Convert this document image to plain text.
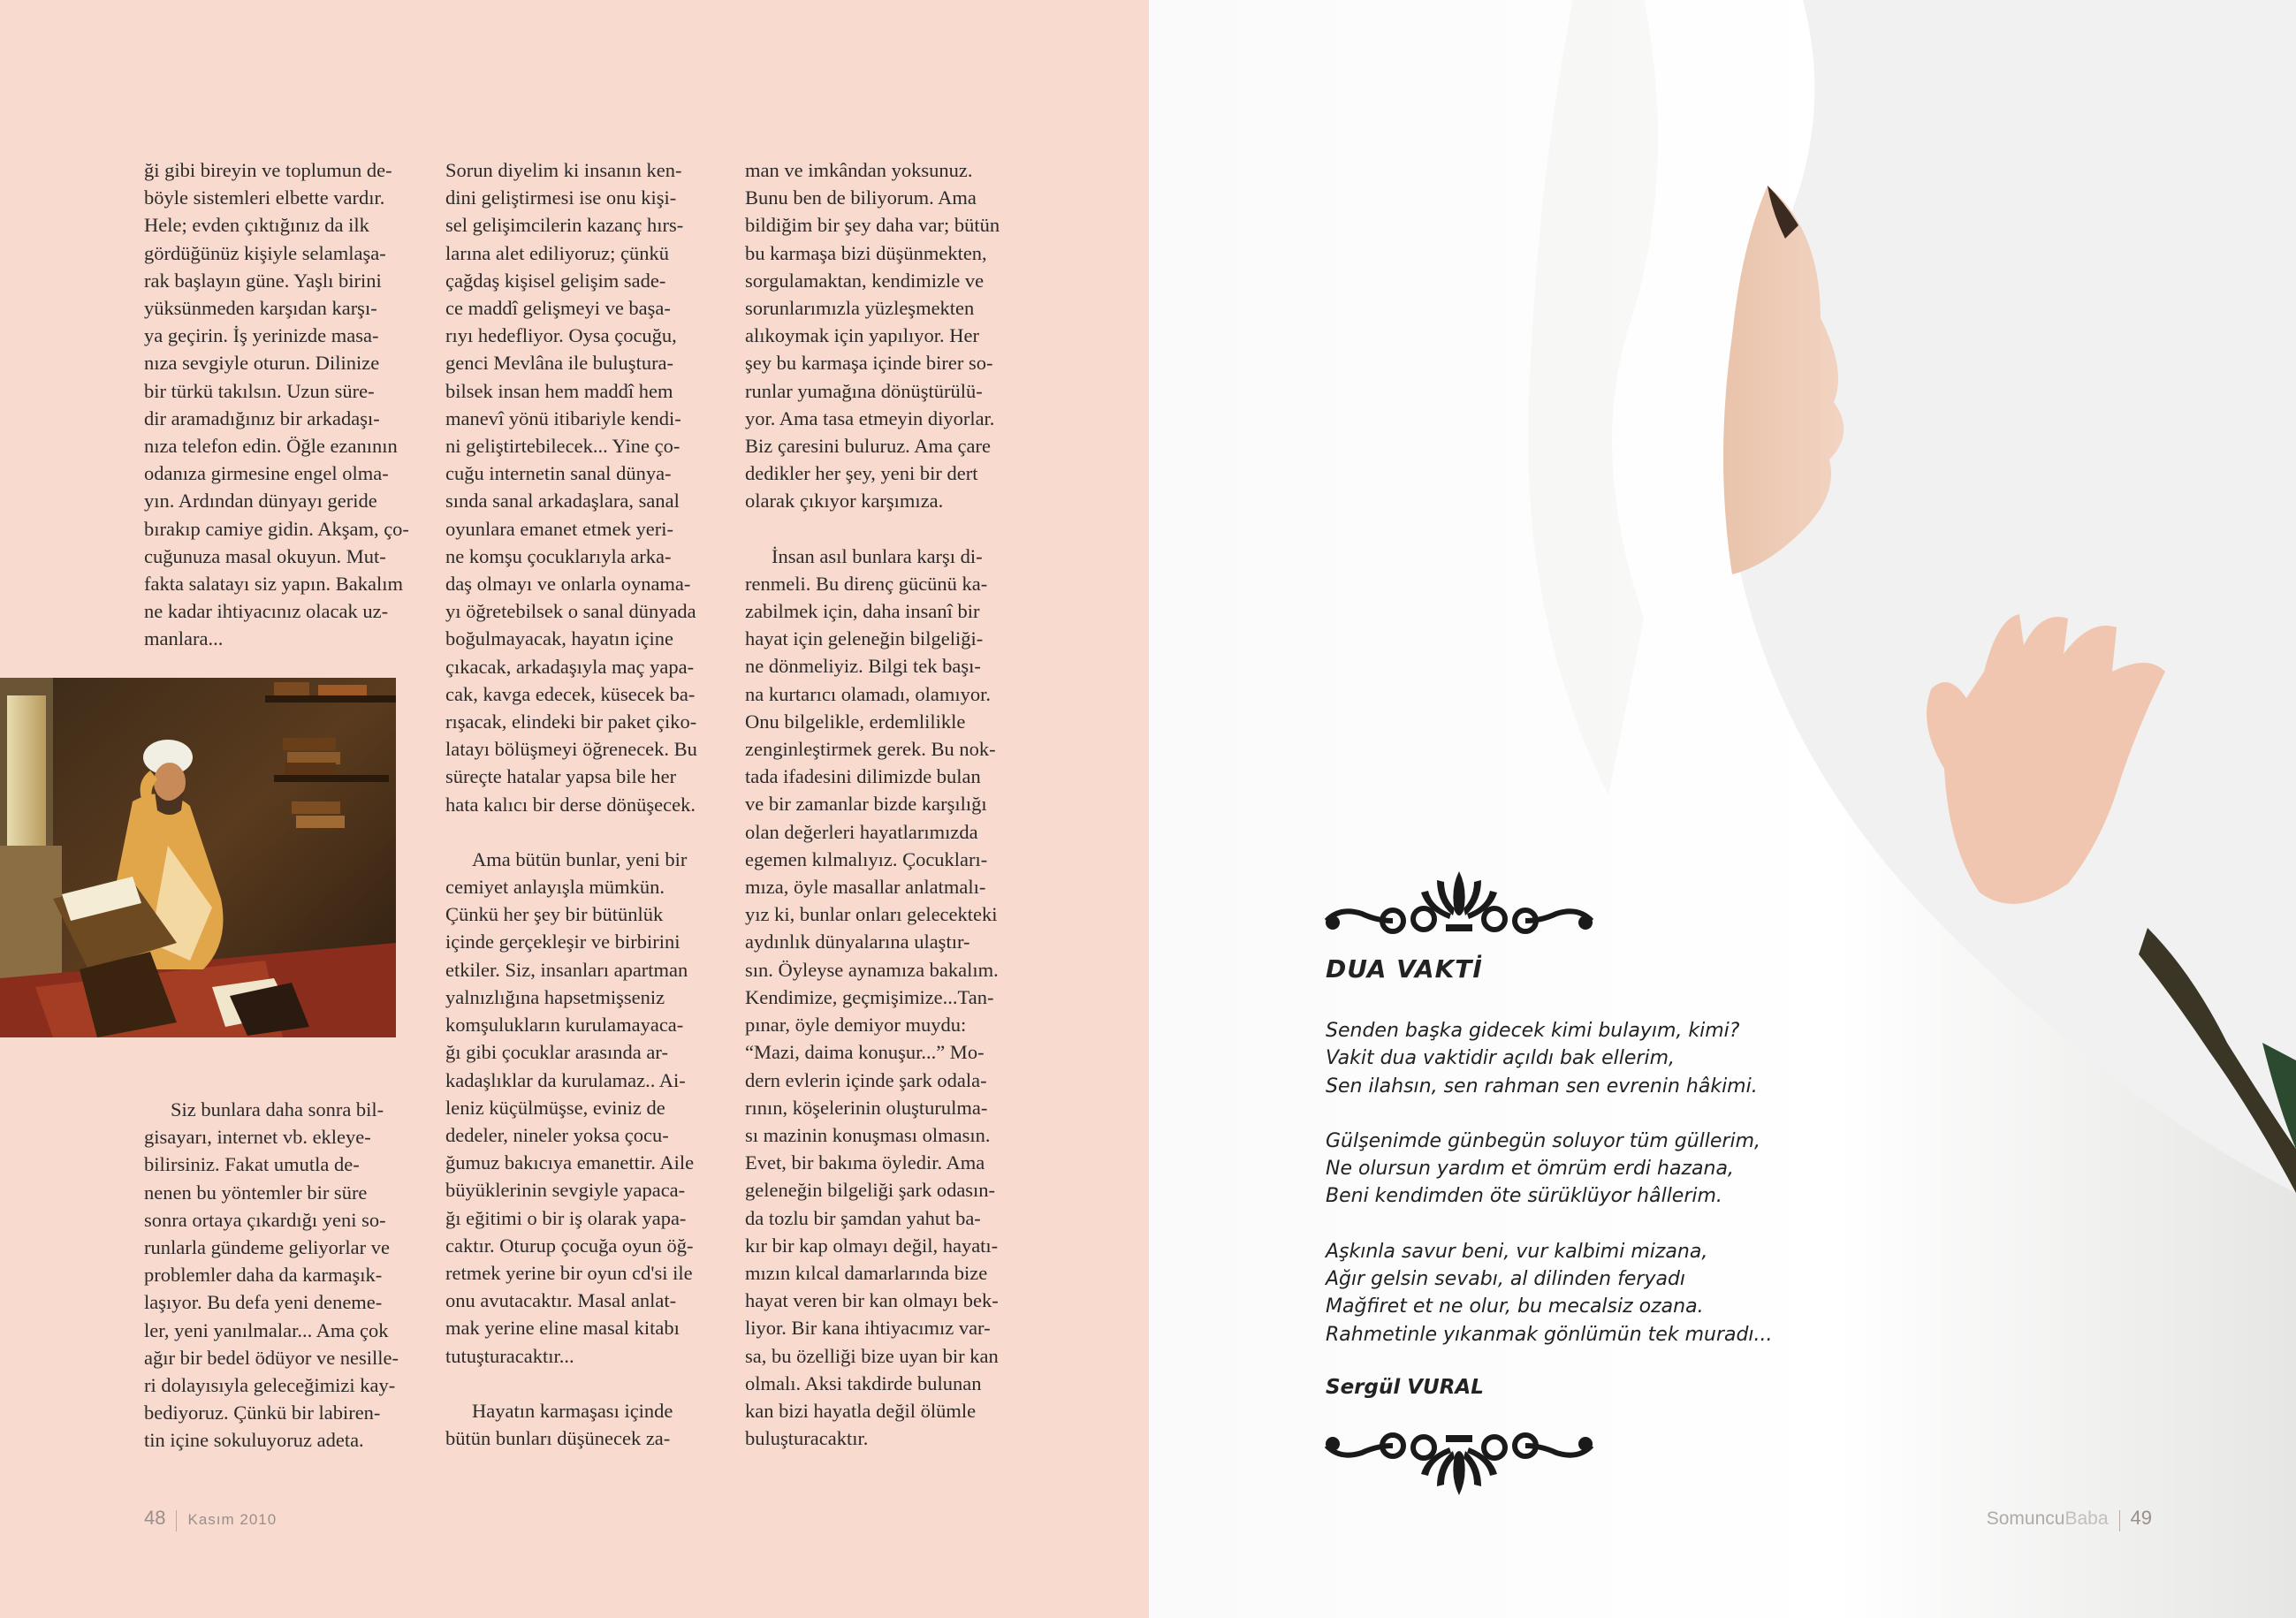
ği gibi bireyin ve toplumun de-
böyle sistemleri elbette vardır.
Hele; evden çıktığınız da ilk
gördüğünüz kişiyle selamlaşa-
rak başlayın güne. Yaşlı birini
yüksünmeden karşıdan karşı-
ya geçirin. İş yerinizde masa-
nıza sevgiyle oturun. Dilinize
bir türkü takılsın. Uzun süre-
dir aramadığınız bir arkadaşı-
nıza telefon edin. Öğle ezanının
odanıza girmesine engel olma-
yın. Ardından dünyayı geride
bırakıp camiye gidin. Akşam, ço-
cuğunuza masal okuyun. Mut-
fakta salatayı siz yapın. Bakalım
ne kadar ihtiyacınız olacak uz-
manlara...

Siz bunlara daha sonra bil-
gisayarı, internet vb. ekleye-
bilirsiniz. Fakat umutla de-
nenen bu yöntemler bir süre
sonra ortaya çıkardığı yeni so-
runlarla gündeme geliyorlar ve
problemler daha da karmaşık-
laşıyor. Bu defa yeni deneme-
ler, yeni yanılmalar... Ama çok
ağır bir bedel ödüyor ve nesille-
ri dolayısıyla geleceğimizi kay-
bediyoruz. Çünkü bir labiren-
tin içine sokuluyoruz adeta.

Sorun diyelim ki insanın ken-
dini geliştirmesi ise onu kişi-
sel gelişimcilerin kazanç hırs-
larına alet ediliyoruz; çünkü
çağdaş kişisel gelişim sade-
ce maddî gelişmeyi ve başa-
rıyı hedefliyor. Oysa çocuğu,
genci Mevlâna ile buluştura-
bilsek insan hem maddî hem
manevî yönü itibariyle kendi-
ni geliştirtebilecek... Yine ço-
cuğu internetin sanal dünya-
sında sanal arkadaşlara, sanal
oyunlara emanet etmek yeri-
ne komşu çocuklarıyla arka-
daş olmayı ve onlarla oynama-
yı öğretebilsek o sanal dünyada
boğulmayacak, hayatın içine
çıkacak, arkadaşıyla maç yapa-
cak, kavga edecek, küsecek ba-
rışacak, elindeki bir paket çiko-
latayı bölüşmeyi öğrenecek. Bu
süreçte hatalar yapsa bile her
hata kalıcı bir derse dönüşecek.

Ama bütün bunlar, yeni bir
cemiyet anlayışla mümkün.
Çünkü her şey bir bütünlük
içinde gerçekleşir ve birbirini
etkiler. Siz, insanları apartman
yalnızlığına hapsetmişseniz
komşulukların kurulamayaca-
ğı gibi çocuklar arasında ar-
kadaşlıklar da kurulamaz.. Ai-
leniz küçülmüşse, eviniz de
dedeler, nineler yoksa çocu-
ğumuz bakıcıya emanettir. Aile
büyüklerinin sevgiyle yapaca-
ğı eğitimi o bir iş olarak yapa-
caktır. Oturup çocuğa oyun öğ-
retmek yerine bir oyun cd'si ile
onu avutacaktır. Masal anlat-
mak yerine eline masal kitabı
tutuşturacaktır...

Hayatın karmaşası içinde
bütün bunları düşünecek za-

man ve imkândan yoksunuz.
Bunu ben de biliyorum. Ama
bildiğim bir şey daha var; bütün
bu karmaşa bizi düşünmekten,
sorgulamaktan, kendimizle ve
sorunlarımızla yüzleşmekten
alıkoymak için yapılıyor. Her
şey bu karmaşa içinde birer so-
runlar yumağına dönüştürülü-
yor. Ama tasa etmeyin diyorlar.
Biz çaresini buluruz. Ama çare
dedikler her şey, yeni bir dert
olarak çıkıyor karşımıza.

İnsan asıl bunlara karşı di-
renmeli. Bu direnç gücünü ka-
zabilmek için, daha insanî bir
hayat için geleneğin bilgeliği-
ne dönmeliyiz. Bilgi tek başı-
na kurtarıcı olamadı, olamıyor.
Onu bilgelikle, erdemlilikle
zenginleştirmek gerek. Bu nok-
tada ifadesini dilimizde bulan
ve bir zamanlar bizde karşılığı
olan değerleri hayatlarımızda
egemen kılmalıyız. Çocukları-
mıza, öyle masallar anlatmalı-
yız ki, bunlar onları gelecekteki
aydınlık dünyalarına ulaştır-
sın. Öyleyse aynamıza bakalım.
Kendimize, geçmişimize...Tan-
pınar, öyle demiyor muydu:
“Mazi, daima konuşur...” Mo-
dern evlerin içinde şark odala-
rının, köşelerinin oluşturulma-
sı mazinin konuşması olmasın.
Evet, bir bakıma öyledir. Ama
geleneğin bilgeliği şark odasın-
da tozlu bir şamdan yahut ba-
kır bir kap olmayı değil, hayatı-
mızın kılcal damarlarında bize
hayat veren bir kan olmayı bek-
liyor. Bir kana ihtiyacımız var-
sa, bu özelliği bize uyan bir kan
olmalı. Aksi takdirde bulunan
kan bizi hayatla değil ölümle
buluşturacaktır.

48 Kasım 2010	SomuncuBaba 49
DUA VAKTİ
Senden başka gidecek kimi bulayım, kimi?
Vakit dua vaktidir açıldı bak ellerim,
Sen ilahsın, sen rahman sen evrenin hâkimi.
Gülşenimde günbegün soluyor tüm güllerim,
Ne olursun yardım et ömrüm erdi hazana,
Beni kendimden öte sürüklüyor hâllerim.
Aşkınla savur beni, vur kalbimi mizana,
Ağır gelsin sevabı, al dilinden feryadı
Mağfiret et ne olur, bu mecalsiz ozana.
Rahmetinle yıkanmak gönlümün tek muradı...
Sergül VURAL
